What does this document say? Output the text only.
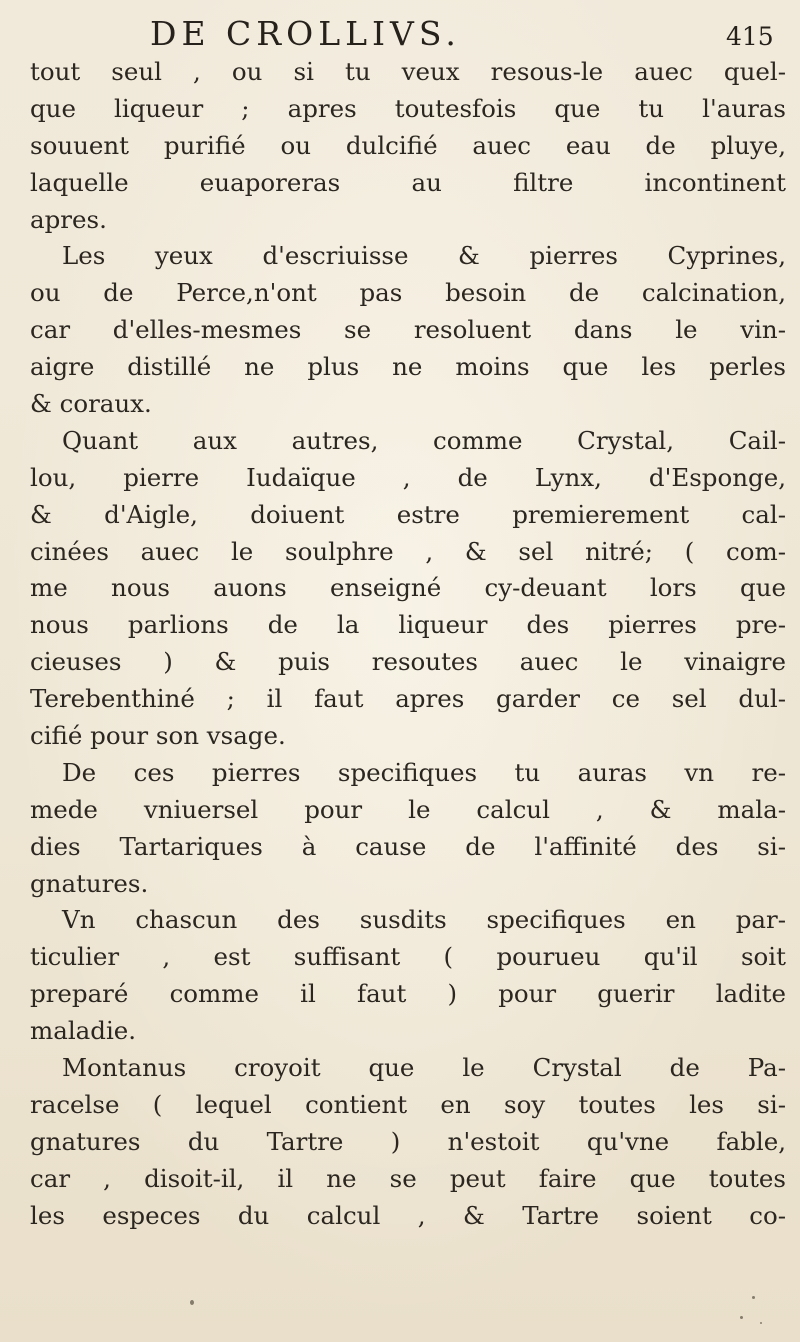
DE CROLLIVS.	415
tout seul , ou si tu veux resous-le auec quel-
que liqueur ; apres toutesfois que tu l'auras
souuent purifié ou dulcifié auec eau de pluye,
laquelle euaporeras au filtre incontinent
apres.
Les yeux d'escriuisse & pierres Cyprines,
ou de Perce,n'ont pas besoin de calcination,
car d'elles-mesmes se resoluent dans le vin-
aigre distillé ne plus ne moins que les perles
& coraux.
Quant aux autres, comme Crystal, Cail-
lou, pierre Iudaïque , de Lynx, d'Esponge,
& d'Aigle, doiuent estre premierement cal-
cinées auec le soulphre , & sel nitré; ( com-
me nous auons enseigné cy-deuant lors que
nous parlions de la liqueur des pierres pre-
cieuses ) & puis resoutes auec le vinaigre
Terebenthiné ; il faut apres garder ce sel dul-
cifié pour son vsage.
De ces pierres specifiques tu auras vn re-
mede vniuersel pour le calcul , & mala-
dies Tartariques à cause de l'affinité des si-
gnatures.
Vn chascun des susdits specifiques en par-
ticulier , est suffisant ( pourueu qu'il soit
preparé comme il faut ) pour guerir ladite
maladie.
Montanus croyoit que le Crystal de Pa-
racelse ( lequel contient en soy toutes les si-
gnatures du Tartre ) n'estoit qu'vne fable,
car , disoit-il, il ne se peut faire que toutes
les especes du calcul , & Tartre soient co-
